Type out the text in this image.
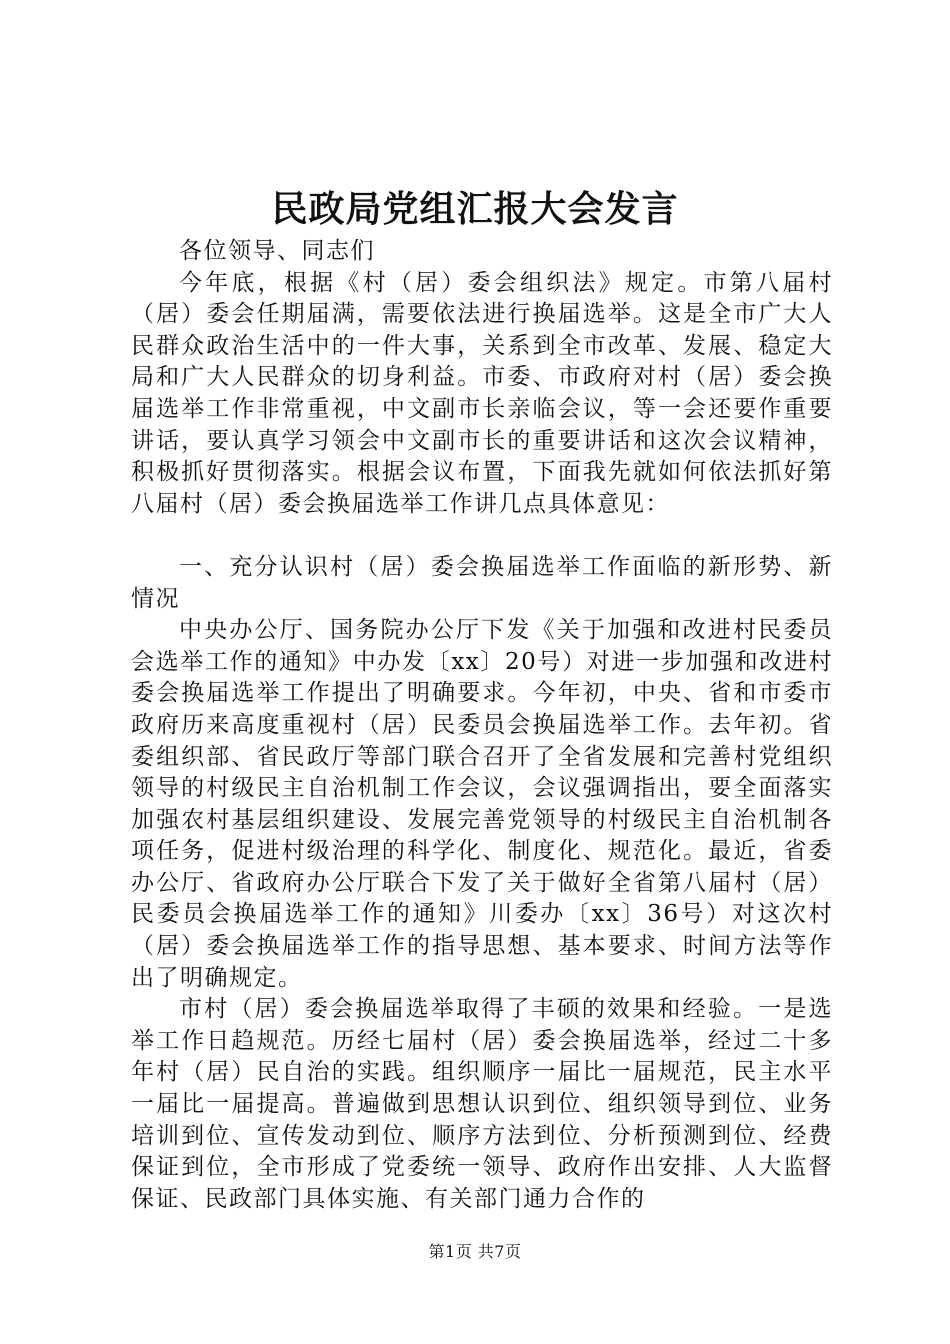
民政局党组汇报大会发言

各位领导、同志们

今年底，根据《村（居）委会组织法》规定。市第八届村（居）委会任期届满，需要依法进行换届选举。这是全市广大人民群众政治生活中的一件大事，关系到全市改革、发展、稳定大局和广大人民群众的切身利益。市委、市政府对村（居）委会换届选举工作非常重视，中文副市长亲临会议，等一会还要作重要讲话，要认真学习领会中文副市长的重要讲话和这次会议精神，积极抓好贯彻落实。根据会议布置，下面我先就如何依法抓好第八届村（居）委会换届选举工作讲几点具体意见：

一、充分认识村（居）委会换届选举工作面临的新形势、新情况

中央办公厅、国务院办公厅下发《关于加强和改进村民委员会选举工作的通知》中办发〔xx〕20号）对进一步加强和改进村委会换届选举工作提出了明确要求。今年初，中央、省和市委市政府历来高度重视村（居）民委员会换届选举工作。去年初。省委组织部、省民政厅等部门联合召开了全省发展和完善村党组织领导的村级民主自治机制工作会议，会议强调指出，要全面落实加强农村基层组织建设、发展完善党领导的村级民主自治机制各项任务，促进村级治理的科学化、制度化、规范化。最近，省委办公厅、省政府办公厅联合下发了关于做好全省第八届村（居）民委员会换届选举工作的通知》川委办〔xx〕36号）对这次村（居）委会换届选举工作的指导思想、基本要求、时间方法等作出了明确规定。

市村（居）委会换届选举取得了丰硕的效果和经验。一是选举工作日趋规范。历经七届村（居）委会换届选举，经过二十多年村（居）民自治的实践。组织顺序一届比一届规范，民主水平一届比一届提高。普遍做到思想认识到位、组织领导到位、业务培训到位、宣传发动到位、顺序方法到位、分析预测到位、经费保证到位，全市形成了党委统一领导、政府作出安排、人大监督保证、民政部门具体实施、有关部门通力合作的

第1页 共7页
